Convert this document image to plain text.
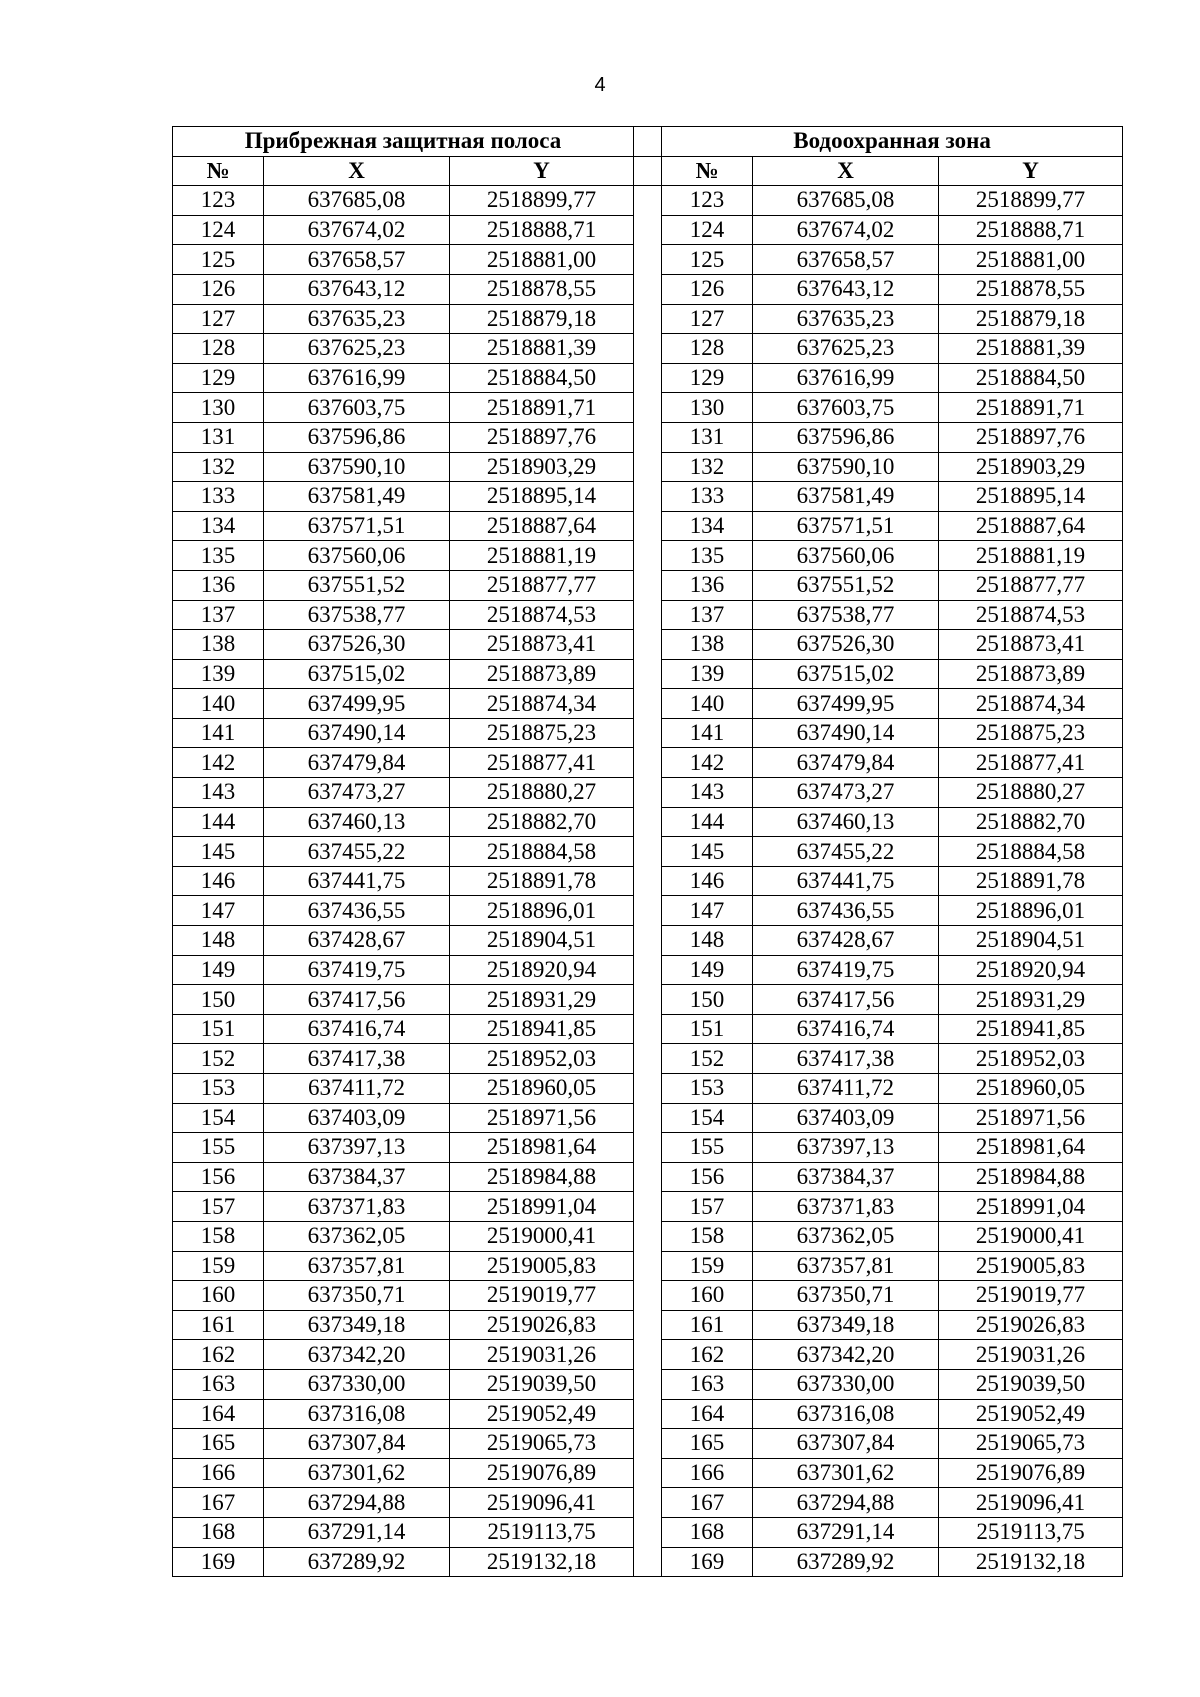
4
Прибрежная защитная полоса				Водоохранная зона		
№	X	Y		№	X	Y
123	637685,08	2518899,77		123	637685,08	2518899,77
124	637674,02	2518888,71		124	637674,02	2518888,71
125	637658,57	2518881,00		125	637658,57	2518881,00
126	637643,12	2518878,55		126	637643,12	2518878,55
127	637635,23	2518879,18		127	637635,23	2518879,18
128	637625,23	2518881,39		128	637625,23	2518881,39
129	637616,99	2518884,50		129	637616,99	2518884,50
130	637603,75	2518891,71		130	637603,75	2518891,71
131	637596,86	2518897,76		131	637596,86	2518897,76
132	637590,10	2518903,29		132	637590,10	2518903,29
133	637581,49	2518895,14		133	637581,49	2518895,14
134	637571,51	2518887,64		134	637571,51	2518887,64
135	637560,06	2518881,19		135	637560,06	2518881,19
136	637551,52	2518877,77		136	637551,52	2518877,77
137	637538,77	2518874,53		137	637538,77	2518874,53
138	637526,30	2518873,41		138	637526,30	2518873,41
139	637515,02	2518873,89		139	637515,02	2518873,89
140	637499,95	2518874,34		140	637499,95	2518874,34
141	637490,14	2518875,23		141	637490,14	2518875,23
142	637479,84	2518877,41		142	637479,84	2518877,41
143	637473,27	2518880,27		143	637473,27	2518880,27
144	637460,13	2518882,70		144	637460,13	2518882,70
145	637455,22	2518884,58		145	637455,22	2518884,58
146	637441,75	2518891,78		146	637441,75	2518891,78
147	637436,55	2518896,01		147	637436,55	2518896,01
148	637428,67	2518904,51		148	637428,67	2518904,51
149	637419,75	2518920,94		149	637419,75	2518920,94
150	637417,56	2518931,29		150	637417,56	2518931,29
151	637416,74	2518941,85		151	637416,74	2518941,85
152	637417,38	2518952,03		152	637417,38	2518952,03
153	637411,72	2518960,05		153	637411,72	2518960,05
154	637403,09	2518971,56		154	637403,09	2518971,56
155	637397,13	2518981,64		155	637397,13	2518981,64
156	637384,37	2518984,88		156	637384,37	2518984,88
157	637371,83	2518991,04		157	637371,83	2518991,04
158	637362,05	2519000,41		158	637362,05	2519000,41
159	637357,81	2519005,83		159	637357,81	2519005,83
160	637350,71	2519019,77		160	637350,71	2519019,77
161	637349,18	2519026,83		161	637349,18	2519026,83
162	637342,20	2519031,26		162	637342,20	2519031,26
163	637330,00	2519039,50		163	637330,00	2519039,50
164	637316,08	2519052,49		164	637316,08	2519052,49
165	637307,84	2519065,73		165	637307,84	2519065,73
166	637301,62	2519076,89		166	637301,62	2519076,89
167	637294,88	2519096,41		167	637294,88	2519096,41
168	637291,14	2519113,75		168	637291,14	2519113,75
169	637289,92	2519132,18		169	637289,92	2519132,18
